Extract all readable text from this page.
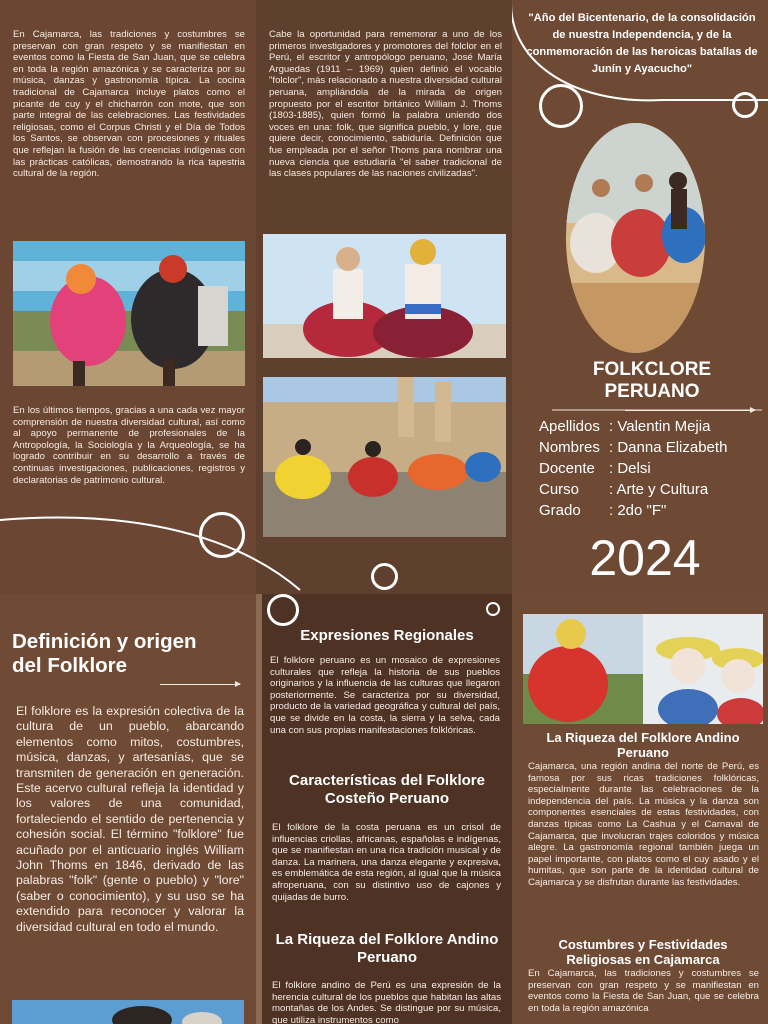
En Cajamarca, las tradiciones y costumbres se preservan con gran respeto y se manifiestan en eventos como la Fiesta de San Juan, que se celebra en toda la región amazónica y se caracteriza por su música, danzas y gastronomía típica. La cocina tradicional de Cajamarca incluye platos como el picante de cuy y el chicharrón con mote, que son parte integral de las celebraciones. Las festividades religiosas, como el Corpus Christi y el Día de Todos los Santos, se observan con procesiones y rituales que reflejan la fusión de las creencias indígenas con las prácticas católicas, demostrando la rica tapestria cultural de la región.

En los últimos tiempos, gracias a una cada vez mayor comprensión de nuestra diversidad cultural, así como al apoyo permanente de profesionales de la Antropología, la Sociología y la Arqueología, se ha logrado contribuir en su desarrollo a través de continuas investigaciones, publicaciones, registros y declaratorias de patrimonio cultural.

Cabe la oportunidad para rememorar a uno de los primeros investigadores y promotores del folclor en el Perú, el escritor y antropólogo peruano, José María Arguedas (1911 – 1969) quien definió el vocablo "folclor", más relacionado a nuestra diversidad cultural peruana, ampliándola de la mirada de origen propuesto por el escritor británico William J. Thoms (1803-1885), quien formó la palabra uniendo dos voces en una: folk, que significa pueblo, y lore, que quiere decir, conocimiento, sabiduría. Definición que fue empleada por el señor Thoms para nombrar una nueva ciencia que estudiaría "el saber tradicional de las clases populares de las naciones civilizadas".

"Año del Bicentenario, de la consolidación de nuestra Independencia, y de la conmemoración de las heroicas batallas de Junín y Ayacucho"

FOLKCLORE

PERUANO

Apellidos : Valentin Mejia
Nombres : Danna Elizabeth
Docente : Delsi
Curso	: Arte y Cultura
Grado	: 2do "F"

2024

Definición y origen

del Folklore

El folklore es la expresión colectiva de la cultura de un pueblo, abarcando elementos como mitos, costumbres, música, danzas, y artesanías, que se transmiten de generación en generación. Este acervo cultural refleja la identidad y los valores de una comunidad, fortaleciendo el sentido de pertenencia y cohesión social. El término "folklore" fue acuñado por el anticuario inglés William John Thoms en 1846, derivado de las palabras "folk" (gente o pueblo) y "lore" (saber o conocimiento), y su uso se ha extendido para reconocer y valorar la diversidad cultural en todo el mundo.

Expresiones Regionales

El folklore peruano es un mosaico de expresiones culturales que refleja la historia de sus pueblos originarios y la influencia de las culturas que llegaron posteriormente. Se caracteriza por su diversidad, producto de la variedad geográfica y cultural del país, que se divide en la costa, la sierra y la selva, cada una con sus propias manifestaciones folklóricas.

Características del Folklore Costeño Peruano

El folklore de la costa peruana es un crisol de influencias criollas, africanas, españolas e indígenas, que se manifiestan en una rica tradición musical y de danza. La marinera, una danza elegante y expresiva, es emblemática de esta región, al igual que la música afroperuana, con su distintivo uso de cajones y quijadas de burro.

La Riqueza del Folklore Andino Peruano

El folklore andino de Perú es una expresión de la herencia cultural de los pueblos que habitan las altas montañas de los Andes. Se distingue por su música, que utiliza instrumentos como

La Riqueza del Folklore Andino Peruano

Cajamarca, una región andina del norte de Perú, es famosa por sus ricas tradiciones folklóricas, especialmente durante las celebraciones de la independencia del país. La música y la danza son componentes esenciales de estas festividades, con danzas típicas como La Cashua y el Carnaval de Cajamarca, que involucran trajes coloridos y música alegre. La gastronomía regional también juega un papel importante, con platos como el cuy asado y el humitas, que son parte de la identidad cultural de Cajamarca y se disfrutan durante las festividades.

Costumbres y Festividades Religiosas en Cajamarca

En Cajamarca, las tradiciones y costumbres se preservan con gran respeto y se manifiestan en eventos como la Fiesta de San Juan, que se celebra en toda la región amazónica
